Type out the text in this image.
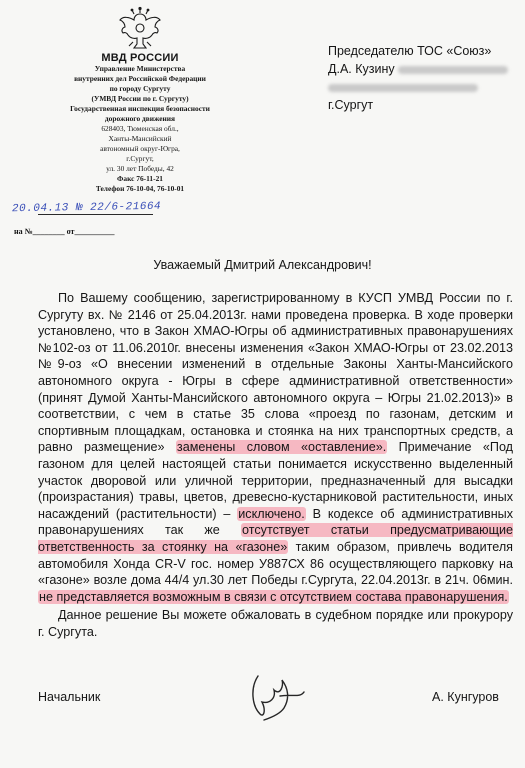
МВД РОССИИ
Управление Министерства
внутренних дел Российской Федерации
по городу Сургуту
(УМВД России по г. Сургуту)
Государственная инспекция безопасности
дорожного движения
628403, Тюменская обл.,
Ханты-Мансийский
автономный округ-Югра,
г.Сургут,
ул. 30 лет Победы, 42
Факс 76-11-21
Телефон 76-10-04, 76-10-01
20.04.13 № 22/6-21664
на №________ от__________
Председателю ТОС «Союз»
Д.А. Кузину
г.Сургут
Уважаемый Дмитрий Александрович!

По Вашему сообщению, зарегистрированному в КУСП УМВД России по г. Сургуту вх. № 2146 от 25.04.2013г. нами проведена проверка. В ходе проверки установлено, что в Закон ХМАО-Югры об административных правонарушениях №102-оз от 11.06.2010г. внесены изменения «Закон ХМАО-Югры от 23.02.2013 №9-оз «О внесении изменений в отдельные Законы Ханты-Мансийского автономного округа - Югры в сфере административной ответственности» (принят Думой Ханты-Мансийского автономного округа – Югры 21.02.2013)» в соответствии, с чем в статье 35 слова «проезд по газонам, детским и спортивным площадкам, остановка и стоянка на них транспортных средств, а равно размещение» заменены словом «оставление». Примечание «Под газоном для целей настоящей статьи понимается искусственно выделенный участок дворовой или уличной территории, предназначенный для высадки (произрастания) травы, цветов, древесно-кустарниковой растительности, иных насаждений (растительности) – исключено. В кодексе об административных правонарушениях так же отсутствует статьи предусматривающие ответственность за стоянку на «газоне» таким образом, привлечь водителя автомобиля Хонда CR-V гос. номер У887СХ 86 осуществляющего парковку на «газоне» возле дома 44/4 ул.30 лет Победы г.Сургута, 22.04.2013г. в 21ч. 06мин. не представляется возможным в связи с отсутствием состава правонарушения.

Данное решение Вы можете обжаловать в судебном порядке или прокурору г. Сургута.

Начальник	А. Кунгуров
